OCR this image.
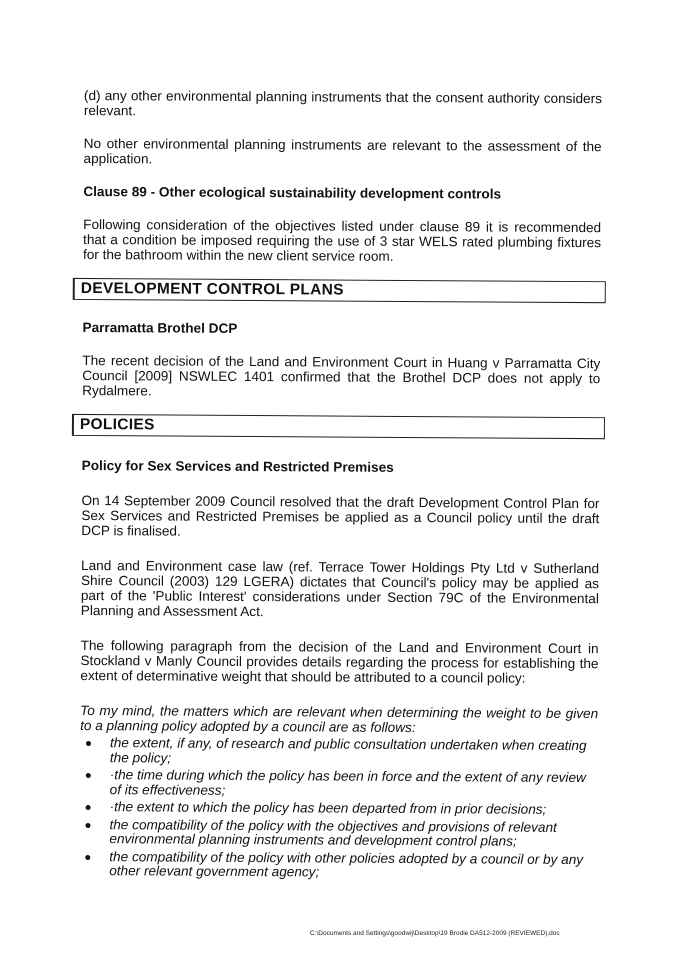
(d) any other environmental planning instruments that the consent authority considers relevant.

No other environmental planning instruments are relevant to the assessment of the application.

Clause 89 - Other ecological sustainability development controls

Following consideration of the objectives listed under clause 89 it is recommended that a condition be imposed requiring the use of 3 star WELS rated plumbing fixtures for the bathroom within the new client service room.

DEVELOPMENT CONTROL PLANS
Parramatta Brothel DCP

The recent decision of the Land and Environment Court in Huang v Parramatta City Council [2009] NSWLEC 1401 confirmed that the Brothel DCP does not apply to Rydalmere.

POLICIES
Policy for Sex Services and Restricted Premises

On 14 September 2009 Council resolved that the draft Development Control Plan for Sex Services and Restricted Premises be applied as a Council policy until the draft DCP is finalised.

Land and Environment case law (ref. Terrace Tower Holdings Pty Ltd v Sutherland Shire Council (2003) 129 LGERA) dictates that Council's policy may be applied as part of the 'Public Interest' considerations under Section 79C of the Environmental Planning and Assessment Act.

The following paragraph from the decision of the Land and Environment Court in Stockland v Manly Council provides details regarding the process for establishing the extent of determinative weight that should be attributed to a council policy:

To my mind, the matters which are relevant when determining the weight to be given to a planning policy adopted by a council are as follows:

the extent, if any, of research and public consultation undertaken when creating the policy;
·the time during which the policy has been in force and the extent of any review of its effectiveness;
·the extent to which the policy has been departed from in prior decisions;
the compatibility of the policy with the objectives and provisions of relevant environmental planning instruments and development control plans;
the compatibility of the policy with other policies adopted by a council or by any other relevant government agency;
C:\Documents and Settings\goodwij\Desktop\19 Brodie DA512-2009 (REVIEWED).doc
